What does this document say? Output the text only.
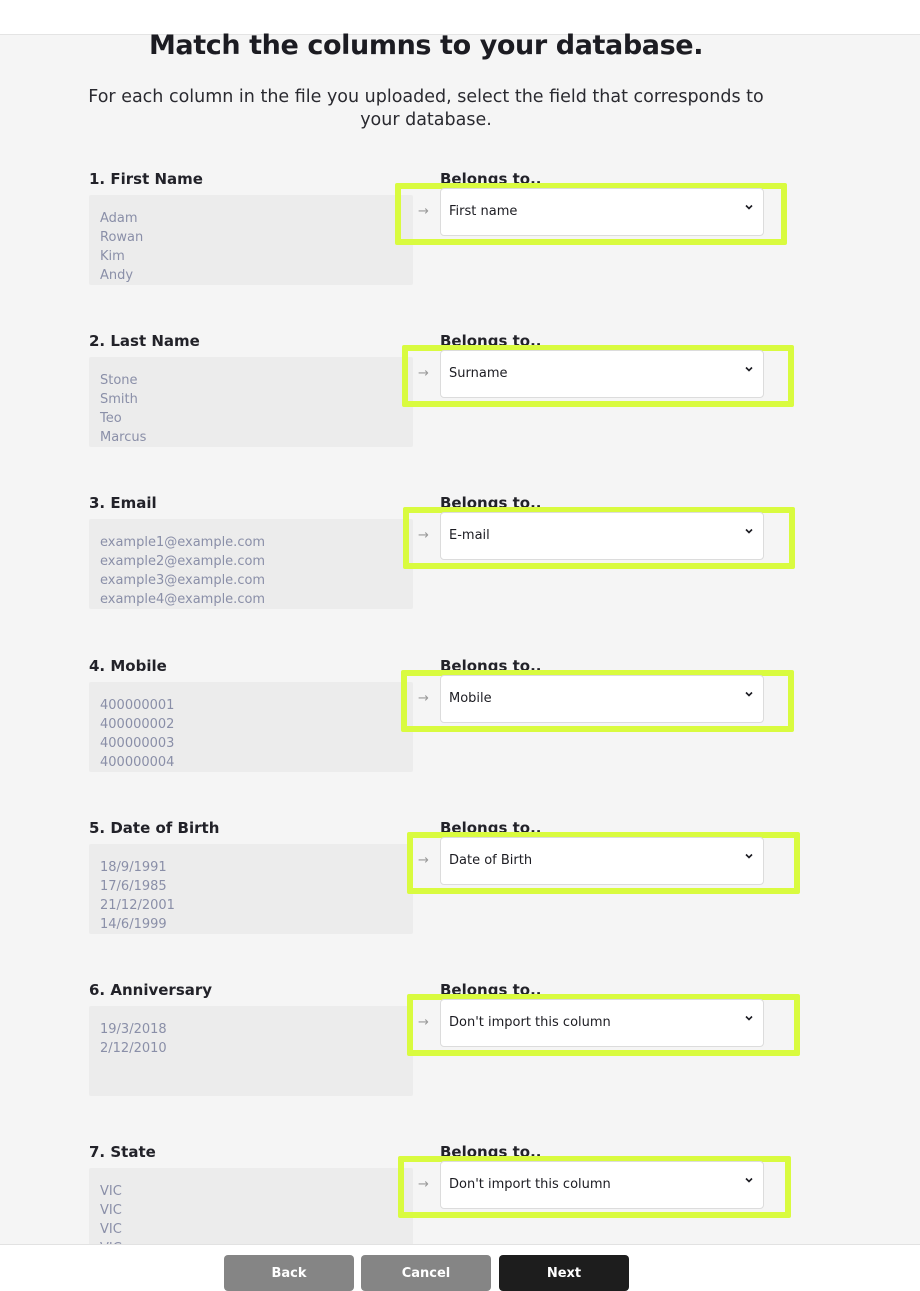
Match the columns to your database.

For each column in the file you uploaded, select the field that corresponds to your database.

1. First Name	Belongs to..
Adam
Rowan
Kim
Andy
→ First name
2. Last Name	Belongs to..
Stone
Smith
Teo
Marcus
→ Surname
3. Email	Belongs to..
example1@example.com
example2@example.com
example3@example.com
example4@example.com
→ E-mail
4. Mobile	Belongs to..
400000001
400000002
400000003
400000004
→ Mobile
5. Date of Birth	Belongs to..
18/9/1991
17/6/1985
21/12/2001
14/6/1999
→ Date of Birth
6. Anniversary	Belongs to..
19/3/2018
2/12/2010
→ Don't import this column
7. State	Belongs to..
VIC
VIC
VIC
→ Don't import this column
Back	Cancel	Next
